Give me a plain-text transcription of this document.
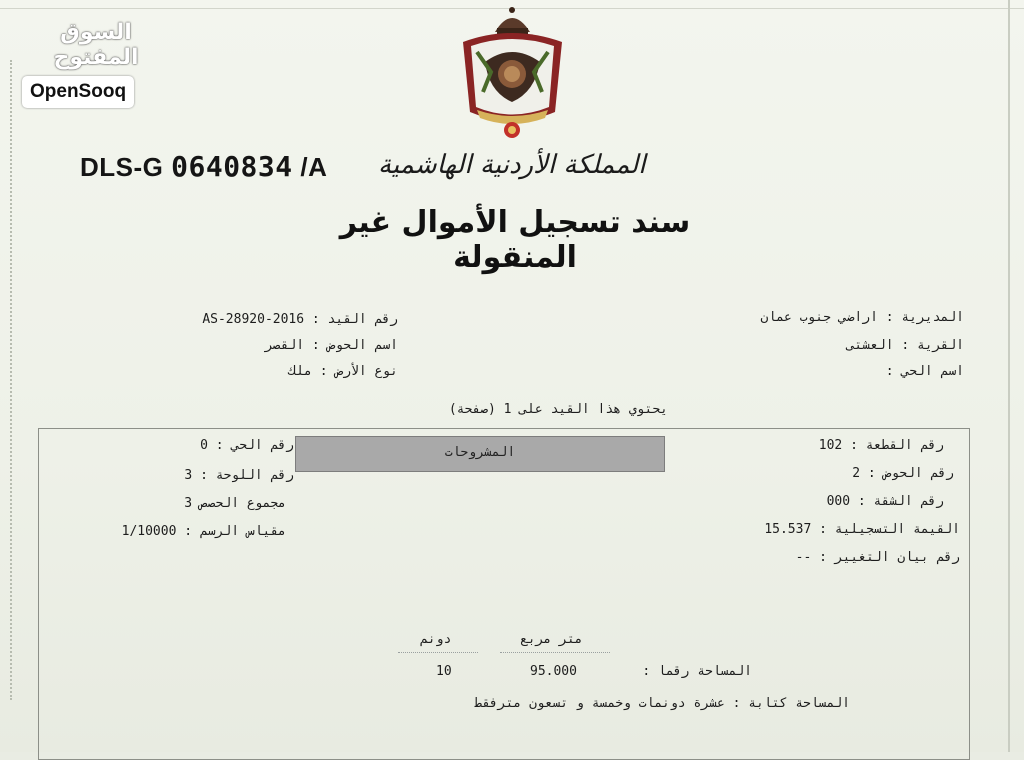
السوق المفتوح
OpenSooq
DLS-G 0640834 /A المملكة الأردنية الهاشمية
سند تسجيل الأموال غير المنقولة
المديرية : اراضي جنوب عمان
القرية : العشتى
اسم الحي :
رقم القيد : 2016-AS-28920
اسم الحوض : القصر
نوع الأرض : ملك
يحتوي هذا القيد على 1 (صفحة)
المشروحات	رقم القطعة : 102
رقم الحوض : 2
رقم الشقة : 000
القيمة التسجيلية : 15.537
رقم بيان التغيير : --
رقم الحي : 0
رقم اللوحة : 3
مجموع الحصص 3
مقياس الرسم : 1/10000
دونم	متر مربع
المساحة رقما :
95.000
10
المساحة كتابة : عشرة دونمات وخمسة و تسعون مترفقط
